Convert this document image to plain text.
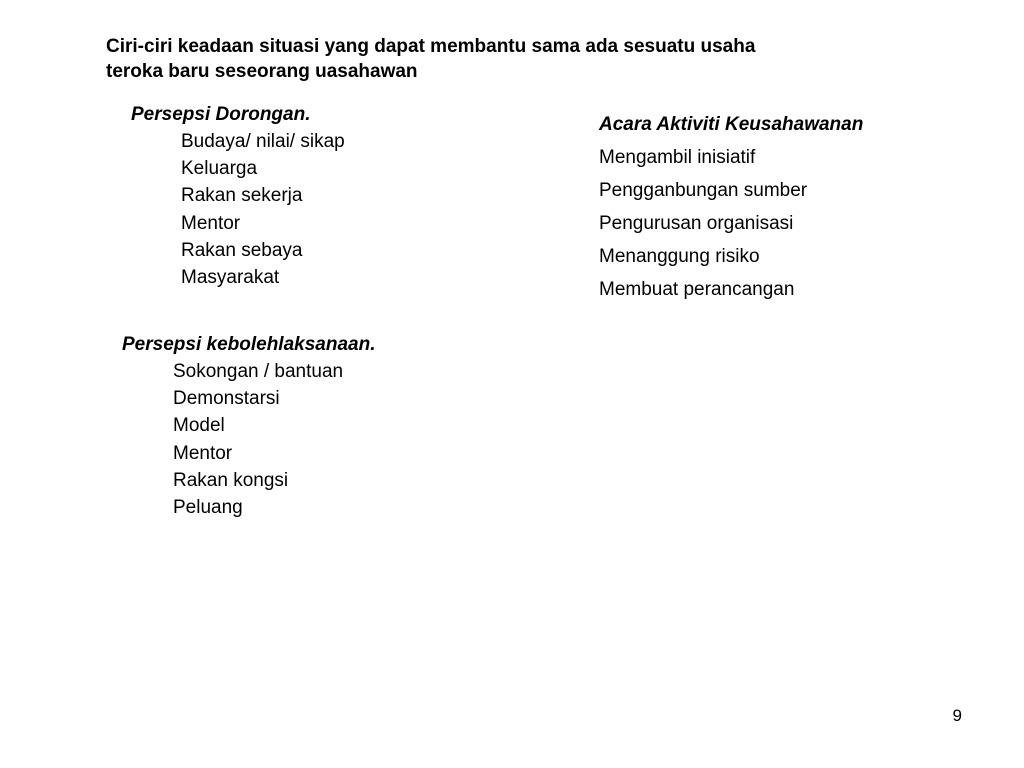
Ciri-ciri keadaan situasi yang dapat membantu sama ada sesuatu usaha
teroka baru seseorang uasahawan
Persepsi Dorongan.
Budaya/ nilai/ sikap
Keluarga
Rakan sekerja
Mentor
Rakan sebaya
Masyarakat
Persepsi kebolehlaksanaan.
Sokongan / bantuan
Demonstarsi
Model
Mentor
Rakan kongsi
Peluang
Acara Aktiviti Keusahawanan
Mengambil inisiatif
Pengganbungan sumber
Pengurusan organisasi
Menanggung risiko
Membuat perancangan
9
